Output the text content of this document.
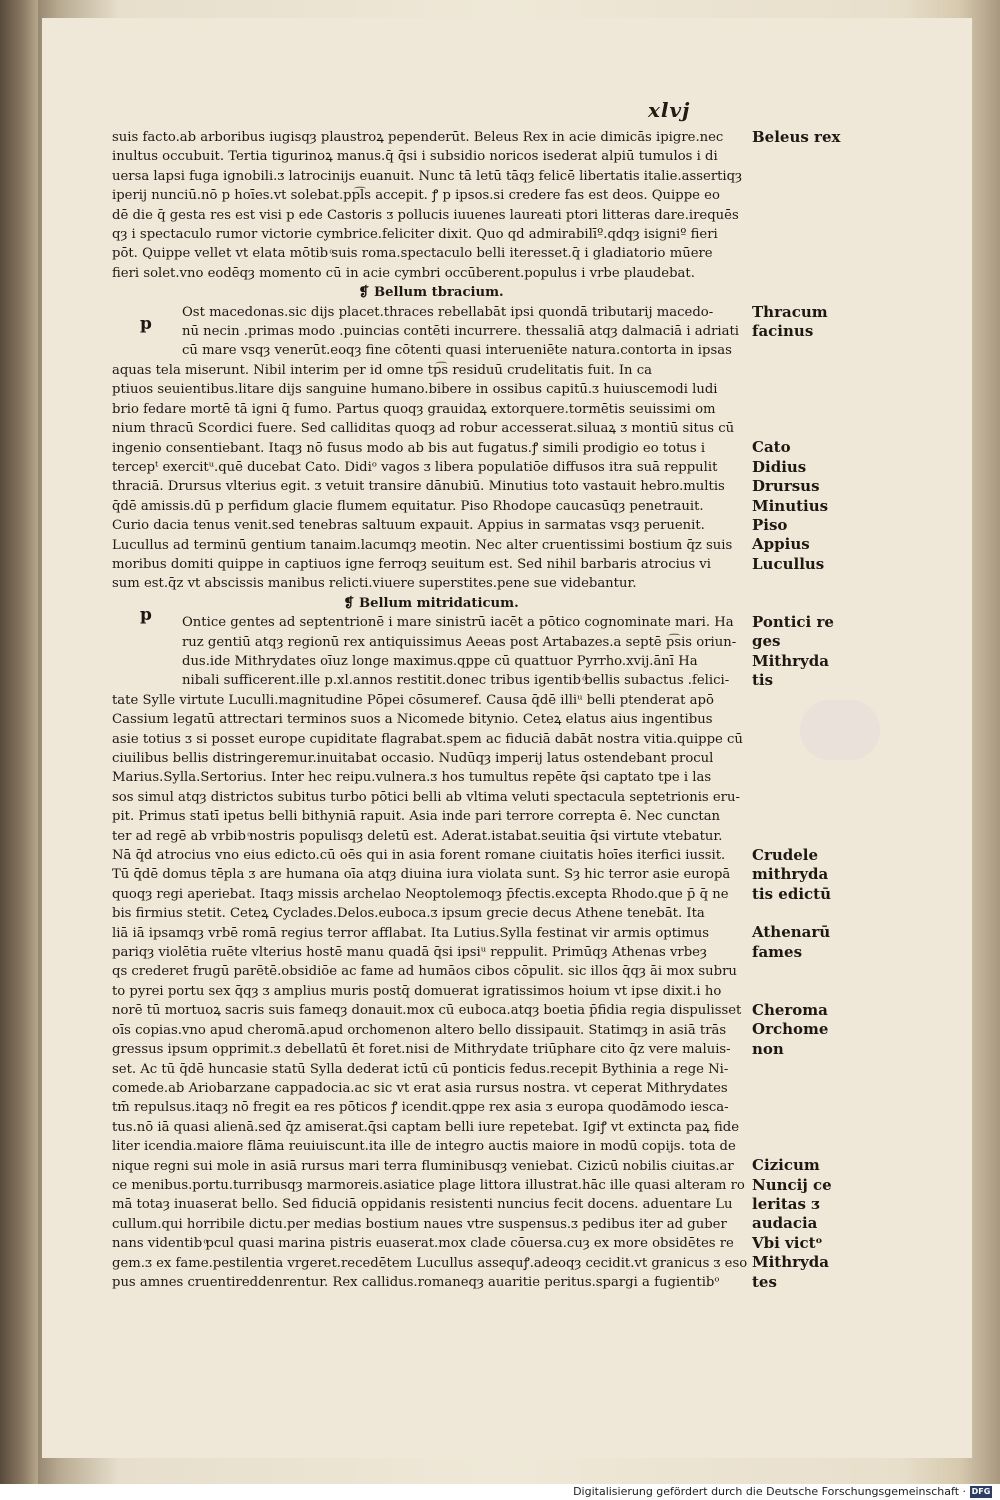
xlvj
suis facto.ab arboribus iugisqȝ plaustroꝝ pependerūt. Beleus Rex in acie dimicās ipigre.nec
inultus occubuit. Tertia tigurinoꝝ manus.q̄ q̄si i subsidio noricos isederat alpiū tumulos i di
uersa lapsi fuga ignobili.ᴣ latrocinijs euanuit. Nunc tā letū tāqȝ felicē libertatis italie.assertiqȝ
iperij nunciū.nō p hoīes.vt solebat.pp͡ls accepit. ꝭ p ipsos.si credere fas est deos. Quippe eo
dē die q̄ gesta res est visi p ede Castoris ᴣ pollucis iuuenes laureati ptori litteras dare.irequēs
qȝ i spectaculo rumor victorie cymbrice.feliciter dixit. Quo qd admirabilīº.qdqȝ isigniº fieri
pōt. Quippe vellet vt elata mōtib ͦsuis roma.spectaculo belli iteresset.q̄ i gladiatorio mūere
fieri solet.vno eodēqȝ momento cū in acie cymbri occūberent.populus i vrbe plaudebat.
❡ Bellum tbracium.
Ost macedonas.sic dijs placet.thraces rebellabāt ipsi quondā tributarij macedo-
nū necin .primas modo .puincias contēti incurrere. thessaliā atqȝ dalmaciā i adriati
cū mare vsqȝ venerūt.eoqȝ fine cōtenti quasi interueniēte natura.contorta in ipsas
aquas tela miserunt. Nibil interim per id omne tp͡s residuū crudelitatis fuit. In ca
ptiuos seuientibus.litare dijs sanguine humano.bibere in ossibus capitū.ᴣ huiuscemodi ludi
brio fedare mortē tā igni q̄ fumo. Partus quoqȝ grauidaꝝ extorquere.tormētis seuissimi om
nium thracū Scordici fuere. Sed calliditas quoqȝ ad robur accesserat.siluaꝝ ᴣ montiū situs cū
ingenio consentiebant. Itaqȝ nō fusus modo ab bis aut fugatus.ꝭ simili prodigio eo totus i
tercepᵗ exercitᵘ.quē ducebat Cato. Didiᵒ vagos ᴣ libera populatiōe diffusos itra suā reppulit
thraciā. Drursus vlterius egit. ᴣ vetuit transire dānubiū. Minutius toto vastauit hebro.multis
q̄dē amissis.dū p perfidum glacie flumem equitatur. Piso Rhodope caucasūqȝ penetrauit.
Curio dacia tenus venit.sed tenebras saltuum expauit. Appius in sarmatas vsqȝ peruenit.
Lucullus ad terminū gentium tanaim.lacumqȝ meotin. Nec alter cruentissimi bostium q̄z suis
moribus domiti quippe in captiuos igne ferroqȝ seuitum est. Sed nihil barbaris atrocius vi
sum est.q̄z vt abscissis manibus relicti.viuere superstites.pene sue videbantur.
❡ Bellum mitridaticum.
Ontice gentes ad septentrionē i mare sinistrū iacēt a pōtico cognominate mari. Ha
ruz gentiū atqȝ regionū rex antiquissimus Aeeas post Artabazes.a septē p͡sis oriun-
dus.ide Mithrydates oīuz longe maximus.qppe cū quattuor Pyrrho.xvij.ānī Ha
nibali sufficerent.ille p.xl.annos restitit.donec tribus igentib ͦbellis subactus .felici-
tate Sylle virtute Luculli.magnitudine Pōpei cōsumeref. Causa q̄dē illiᵘ belli ptenderat apō
Cassium legatū attrectari terminos suos a Nicomede bitynio. Ceteꝝ elatus aius ingentibus
asie totius ᴣ si posset europe cupiditate flagrabat.spem ac fiduciā dabāt nostra vitia.quippe cū
ciuilibus bellis distringeremur.inuitabat occasio. Nudūqȝ imperij latus ostendebant procul
Marius.Sylla.Sertorius. Inter hec reipu.vulnera.ᴣ hos tumultus repēte q̄si captato tpe i las
sos simul atqȝ districtos subitus turbo pōtici belli ab vltima veluti spectacula septetrionis eru-
pit. Primus statī ipetus belli bithyniā rapuit. Asia inde pari terrore correpta ē. Nec cunctan
ter ad regē ab vrbib ͦnostris populisqȝ deletū est. Aderat.istabat.seuitia q̄si virtute vtebatur.
Nā q̄d atrocius vno eius edicto.cū oēs qui in asia forent romane ciuitatis hoīes iterfici iussit.
Tū q̄dē domus tēpla ᴣ are humana oīa atqȝ diuina iura violata sunt. Sȝ hic terror asie europā
quoqȝ regi aperiebat. Itaqȝ missis archelao Neoptolemoqȝ p̄fectis.excepta Rhodo.que p̄ q̄ ne
bis firmius stetit. Ceteꝝ Cyclades.Delos.euboca.ᴣ ipsum grecie decus Athene tenebāt. Ita
liā iā ipsamqȝ vrbē romā regius terror afflabat. Ita Lutius.Sylla festinat vir armis optimus
pariqȝ violētia ruēte vlterius hostē manu quadā q̄si ipsiᵘ reppulit. Primūqȝ Athenas vrbeȝ
qs crederet frugū parētē.obsidiōe ac fame ad humāos cibos cōpulit. sic illos q̄qȝ āi mox subru
to pyrei portu sex q̄qȝ ᴣ amplius muris postq̄ domuerat igratissimos hoium vt ipse dixit.i ho
norē tū mortuoꝝ sacris suis fameqȝ donauit.mox cū euboca.atqȝ boetia p̄fidia regia dispulisset
oīs copias.vno apud cheromā.apud orchomenon altero bello dissipauit. Statimqȝ in asiā trās
gressus ipsum opprimit.ᴣ debellatū ēt foret.nisi de Mithrydate triūphare cito q̄z vere maluis-
set. Ac tū q̄dē huncasie statū Sylla dederat ictū cū ponticis fedus.recepit Bythinia a rege Ni-
comede.ab Ariobarzane cappadocia.ac sic vt erat asia rursus nostra. vt ceperat Mithrydates
tm̄ repulsus.itaqȝ nō fregit ea res pōticos ꝭ icendit.qppe rex asia ᴣ europa quodāmodo iesca-
tus.nō iā quasi alienā.sed q̄z amiserat.q̄si captam belli iure repetebat. Igiꝭ vt extincta paꝝ fide
liter icendia.maiore flāma reuiuiscunt.ita ille de integro auctis maiore in modū copijs. tota de
nique regni sui mole in asiā rursus mari terra fluminibusqȝ veniebat. Cizicū nobilis ciuitas.ar
ce menibus.portu.turribusqȝ marmoreis.asiatice plage littora illustrat.hāc ille quasi alteram ro
mā totaȝ inuaserat bello. Sed fiduciā oppidanis resistenti nuncius fecit docens. aduentare Lu
cullum.qui horribile dictu.per medias bostium naues vtre suspensus.ᴣ pedibus iter ad guber
nans videntib ͦpcul quasi marina pistris euaserat.mox clade cōuersa.cuȝ ex more obsidētes re
gem.ᴣ ex fame.pestilentia vrgeret.recedētem Lucullus assequꝭ.adeoqȝ cecidit.vt granicus ᴣ eso
pus amnes cruentireddenrentur. Rex callidus.romaneqȝ auaritie peritus.spargi a fugientibᵒ
p
p
Beleus rex
Thracum
facinus
Cato
Didius
Drursus
Minutius
Piso
Appius
Lucullus
Pontici re
ges
Mithryda
tis
Crudele
mithryda
tis edictū
Athenarū
fames
Cheroma
Orchome
non
Cizicum
Nuncij ce
leritas ᴣ
audacia
Vbi victᵒ
Mithryda
tes
Digitalisierung gefördert durch die Deutsche Forschungsgemeinschaft · DFG
